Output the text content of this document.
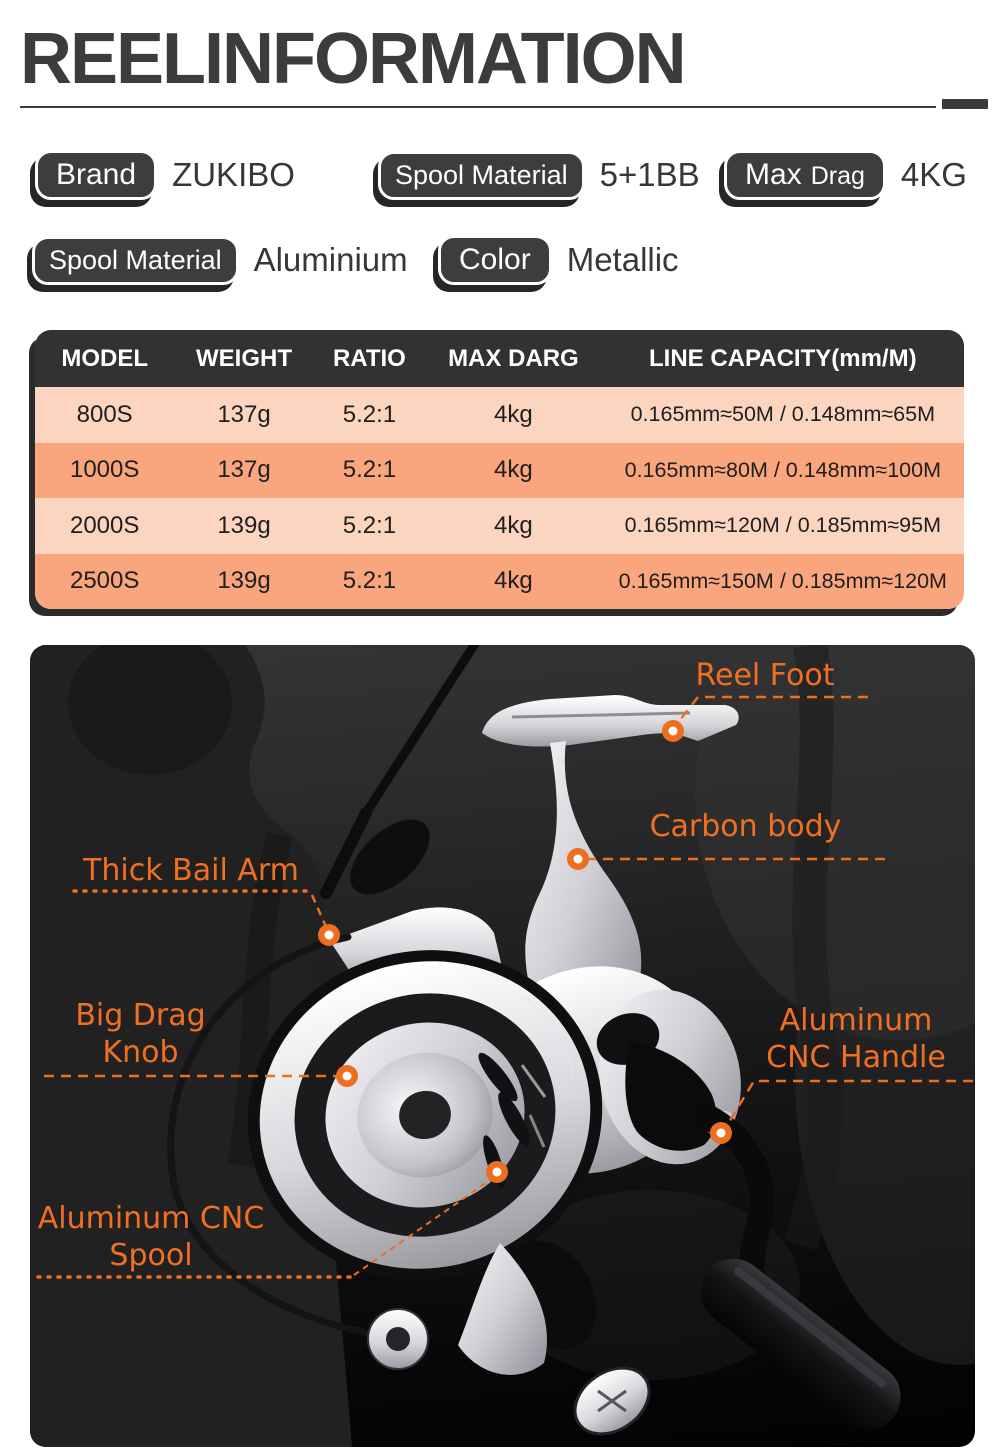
REELINFORMATION
Brand ZUKIBO	Spool Material 5+1BB Max Drag 4KG
Spool Material Aluminium Color Metallic
MODEL	WEIGHT	RATIO	MAX DARG	LINE CAPACITY(mm/M)
800S	137g	5.2:1	4kg	0.165mm≈50M / 0.148mm≈65M
1000S	137g	5.2:1	4kg	0.165mm≈80M / 0.148mm≈100M
2000S	139g	5.2:1	4kg	0.165mm≈120M / 0.185mm≈95M
2500S	139g	5.2:1	4kg	0.165mm≈150M / 0.185mm≈120M
Reel Foot
Carbon body
Thick Bail Arm
Big Drag
Knob
Aluminum
CNC Handle
Aluminum CNC
Spool
